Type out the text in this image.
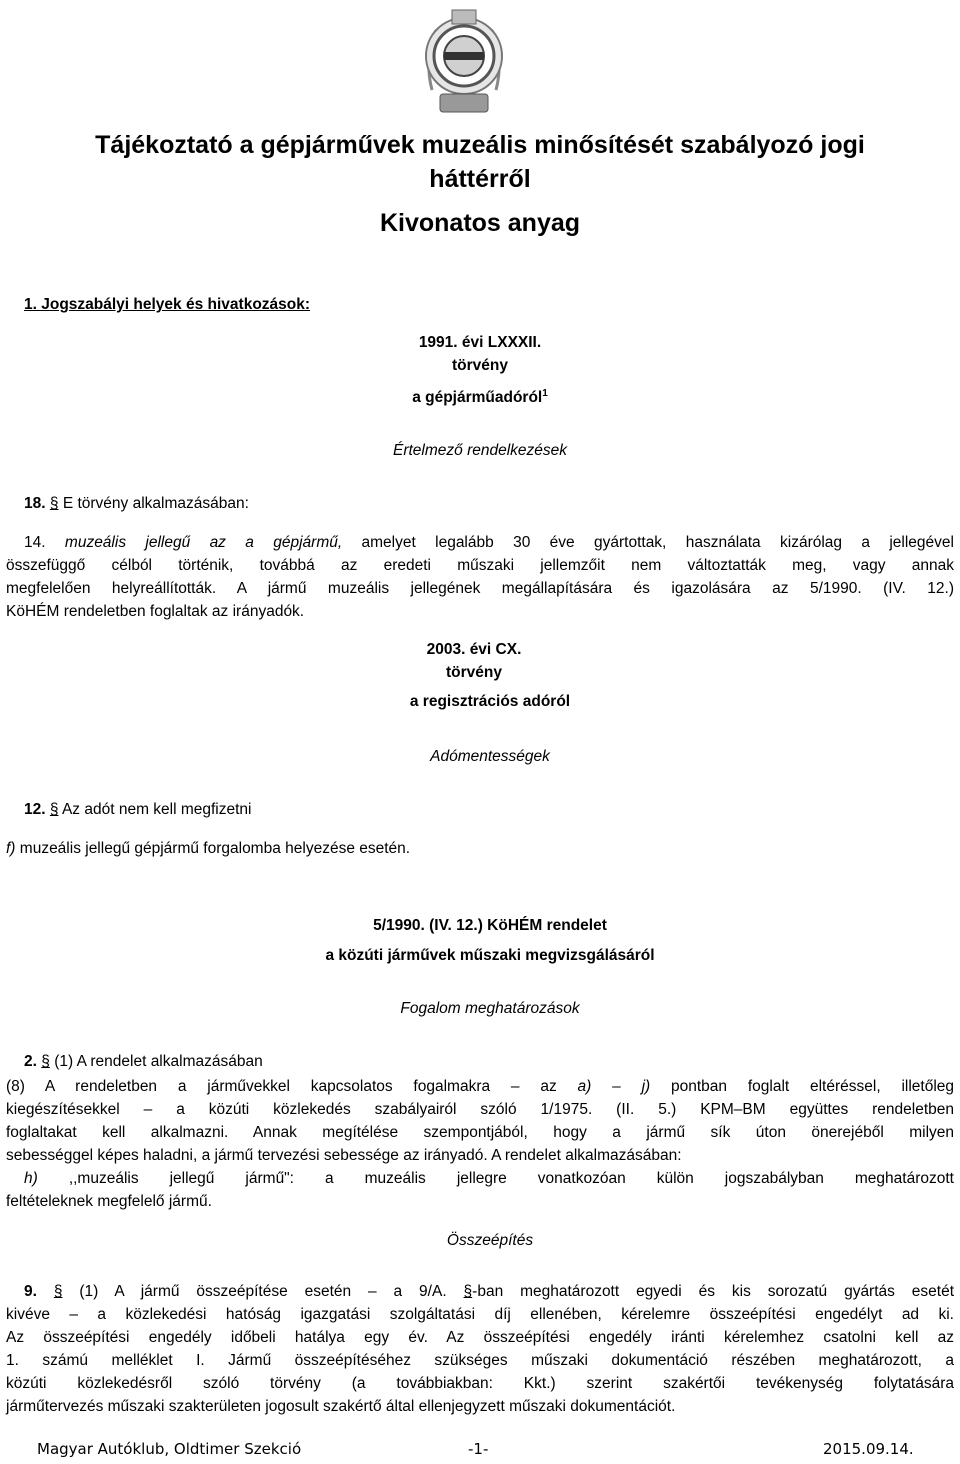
Tájékoztató a gépjárművek muzeális minősítését szabályozó jogi
háttérről
Kivonatos anyag
1. Jogszabályi helyek és hivatkozások:
1991. évi LXXXII.
törvény
a gépjárműadóról$^1$
Értelmező rendelkezések
18. § E törvény alkalmazásában:
14. muzeális jellegű az a gépjármű, amelyet legalább 30 éve gyártottak, használata kizárólag a jellegével
összefüggő célból történik, továbbá az eredeti műszaki jellemzőit nem változtatták meg, vagy annak
megfelelően helyreállították. A jármű muzeális jellegének megállapítására és igazolására az 5/1990. (IV. 12.)
KöHÉM rendeletben foglaltak az irányadók.
2003. évi CX.
törvény
a regisztrációs adóról
Adómentességek
12. § Az adót nem kell megfizetni
f) muzeális jellegű gépjármű forgalomba helyezése esetén.
5/1990. (IV. 12.) KöHÉM rendelet
a közúti járművek műszaki megvizsgálásáról
Fogalom meghatározások
2. § (1) A rendelet alkalmazásában
(8) A rendeletben a járművekkel kapcsolatos fogalmakra – az a) – j) pontban foglalt eltéréssel, illetőleg
kiegészítésekkel – a közúti közlekedés szabályairól szóló 1/1975. (II. 5.) KPM–BM együttes rendeletben
foglaltakat kell alkalmazni. Annak megítélése szempontjából, hogy a jármű sík úton önerejéből milyen
sebességgel képes haladni, a jármű tervezési sebessége az irányadó. A rendelet alkalmazásában:
h) ,,muzeális jellegű jármű": a muzeális jellegre vonatkozóan külön jogszabályban meghatározott
feltételeknek megfelelő jármű.
Összeépítés
9. § (1) A jármű összeépítése esetén – a 9/A. §-ban meghatározott egyedi és kis sorozatú gyártás esetét
kivéve – a közlekedési hatóság igazgatási szolgáltatási díj ellenében, kérelemre összeépítési engedélyt ad ki.
Az összeépítési engedély időbeli hatálya egy év. Az összeépítési engedély iránti kérelemhez csatolni kell az
1. számú melléklet I. Jármű összeépítéséhez szükséges műszaki dokumentáció részében meghatározott, a
közúti közlekedésről szóló törvény (a továbbiakban: Kkt.) szerint szakértői tevékenység folytatására
járműtervezés műszaki szakterületen jogosult szakértő által ellenjegyzett műszaki dokumentációt.
Magyar Autóklub, Oldtimer Szekció	-1-	2015.09.14.
